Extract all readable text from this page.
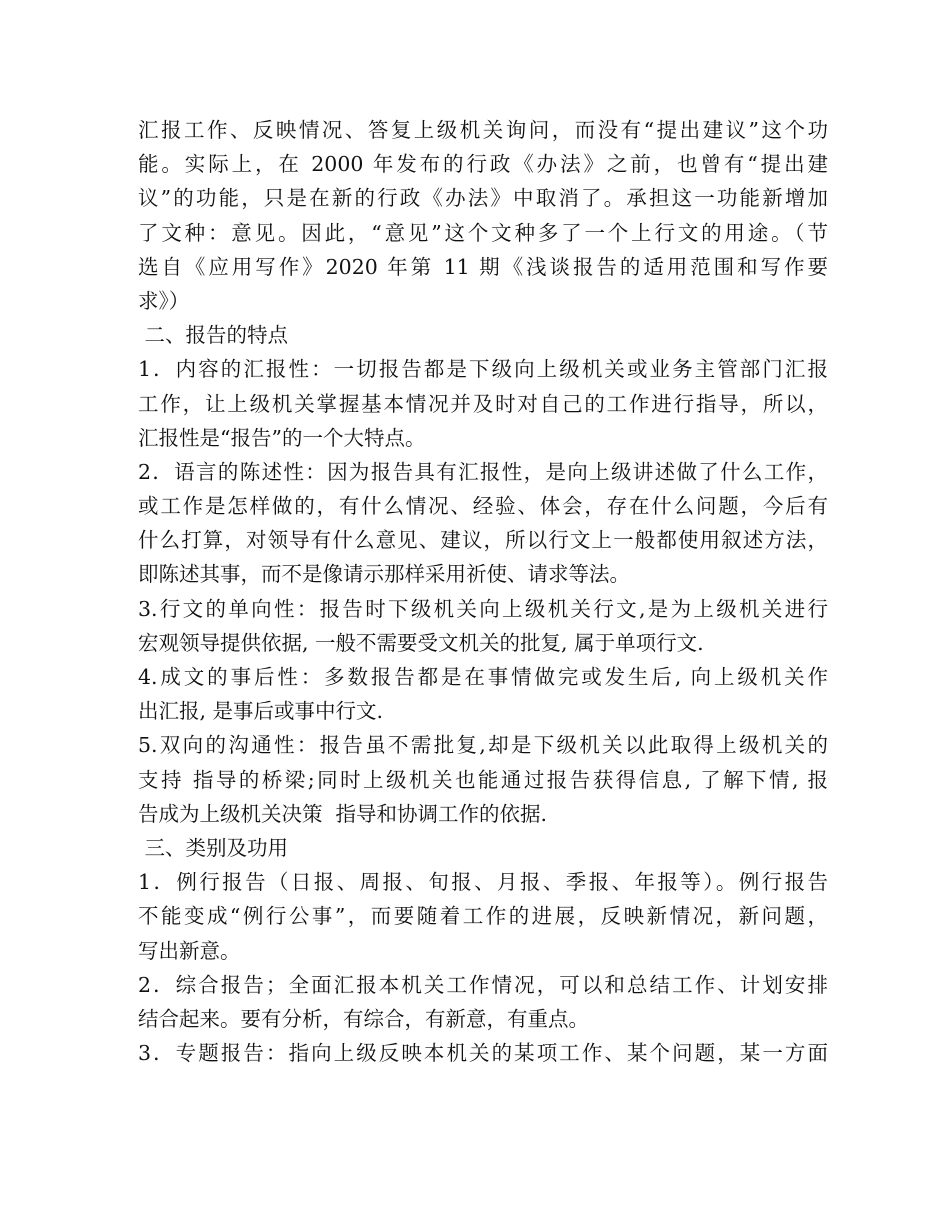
汇报工作、反映情况、答复上级机关询问，而没有“提出建议”这个功
能。实际上，在 2000 年发布的行政《办法》之前，也曾有“提出建
议”的功能，只是在新的行政《办法》中取消了。承担这一功能新增加
了文种：意见。因此，“意见”这个文种多了一个上行文的用途。（节
选自《应用写作》2020 年第 11 期《浅谈报告的适用范围和写作要
求》）
二、报告的特点
1．内容的汇报性：一切报告都是下级向上级机关或业务主管部门汇报
工作，让上级机关掌握基本情况并及时对自己的工作进行指导，所以，
汇报性是“报告”的一个大特点。
2．语言的陈述性：因为报告具有汇报性，是向上级讲述做了什么工作，
或工作是怎样做的，有什么情况、经验、体会，存在什么问题，今后有
什么打算，对领导有什么意见、建议，所以行文上一般都使用叙述方法，
即陈述其事，而不是像请示那样采用祈使、请求等法。
3.行文的单向性：报告时下级机关向上级机关行文,是为上级机关进行
宏观领导提供依据, 一般不需要受文机关的批复, 属于单项行文.
4.成文的事后性：多数报告都是在事情做完或发生后, 向上级机关作
出汇报, 是事后或事中行文.
5.双向的沟通性：报告虽不需批复,却是下级机关以此取得上级机关的
支持 指导的桥梁;同时上级机关也能通过报告获得信息, 了解下情, 报
告成为上级机关决策  指导和协调工作的依据.
三、类别及功用
1．例行报告（日报、周报、旬报、月报、季报、年报等）。例行报告
不能变成“例行公事”，而要随着工作的进展，反映新情况，新问题，
写出新意。
2．综合报告；全面汇报本机关工作情况，可以和总结工作、计划安排
结合起来。要有分析，有综合，有新意，有重点。
3．专题报告：指向上级反映本机关的某项工作、某个问题，某一方面
